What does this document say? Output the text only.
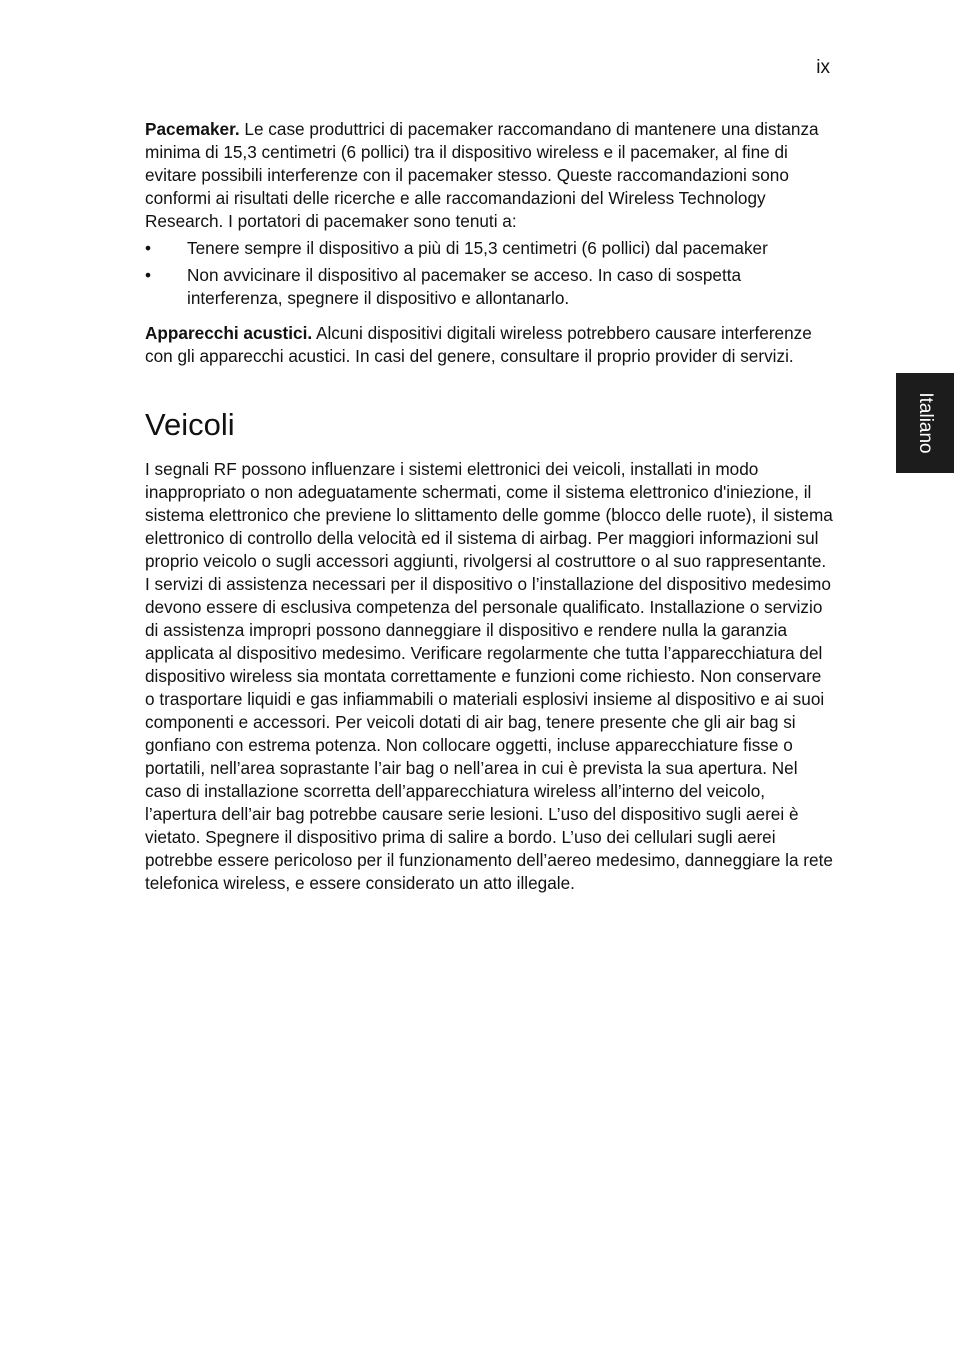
ix
Italiano

Pacemaker. Le case produttrici di pacemaker raccomandano di mantenere una distanza minima di 15,3 centimetri (6 pollici) tra il dispositivo wireless e il pacemaker, al fine di evitare possibili interferenze con il pacemaker stesso. Queste raccomandazioni sono conformi ai risultati delle ricerche e alle raccomandazioni del Wireless Technology Research. I portatori di pacemaker sono tenuti a:

• Tenere sempre il dispositivo a più di 15,3 centimetri (6 pollici) dal pacemaker
• Non avvicinare il dispositivo al pacemaker se acceso. In caso di sospetta interferenza, spegnere il dispositivo e allontanarlo.

Apparecchi acustici. Alcuni dispositivi digitali wireless potrebbero causare interferenze con gli apparecchi acustici. In casi del genere, consultare il proprio provider di servizi.

Veicoli

I segnali RF possono influenzare i sistemi elettronici dei veicoli, installati in modo inappropriato o non adeguatamente schermati, come il sistema elettronico d'iniezione, il sistema elettronico che previene lo slittamento delle gomme (blocco delle ruote), il sistema elettronico di controllo della velocità ed il sistema di airbag. Per maggiori informazioni sul proprio veicolo o sugli accessori aggiunti, rivolgersi al costruttore o al suo rappresentante. I servizi di assistenza necessari per il dispositivo o l’installazione del dispositivo medesimo devono essere di esclusiva competenza del personale qualificato. Installazione o servizio di assistenza impropri possono danneggiare il dispositivo e rendere nulla la garanzia applicata al dispositivo medesimo. Verificare regolarmente che tutta l’apparecchiatura del dispositivo wireless sia montata correttamente e funzioni come richiesto. Non conservare o trasportare liquidi e gas infiammabili o materiali esplosivi insieme al dispositivo e ai suoi componenti e accessori. Per veicoli dotati di air bag, tenere presente che gli air bag si gonfiano con estrema potenza. Non collocare oggetti, incluse apparecchiature fisse o portatili, nell’area soprastante l’air bag o nell’area in cui è prevista la sua apertura. Nel caso di installazione scorretta dell’apparecchiatura wireless all’interno del veicolo, l’apertura dell’air bag potrebbe causare serie lesioni. L’uso del dispositivo sugli aerei è vietato. Spegnere il dispositivo prima di salire a bordo. L’uso dei cellulari sugli aerei potrebbe essere pericoloso per il funzionamento dell’aereo medesimo, danneggiare la rete telefonica wireless, e essere considerato un atto illegale.
